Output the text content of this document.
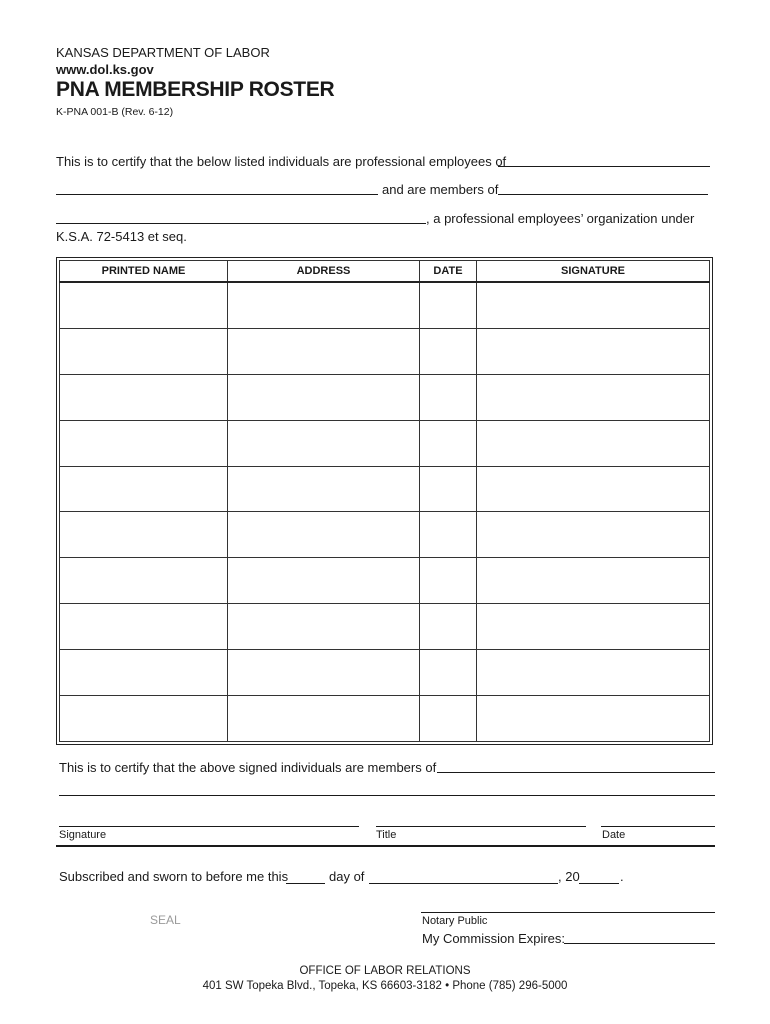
KANSAS DEPARTMENT OF LABOR
www.dol.ks.gov
PNA MEMBERSHIP ROSTER
K-PNA 001-B (Rev. 6-12)
This is to certify that the below listed individuals are professional employees of
and are members of
, a professional employees’ organization under
K.S.A. 72-5413 et seq.
PRINTED NAME	ADDRESS	DATE	SIGNATURE

This is to certify that the above signed individuals are members of
Signature	Title	Date
Subscribed and sworn to before me this	day of	, 20	.
SEAL	Notary Public
My Commission Expires:
OFFICE OF LABOR RELATIONS
401 SW Topeka Blvd., Topeka, KS 66603-3182 • Phone (785) 296-5000
